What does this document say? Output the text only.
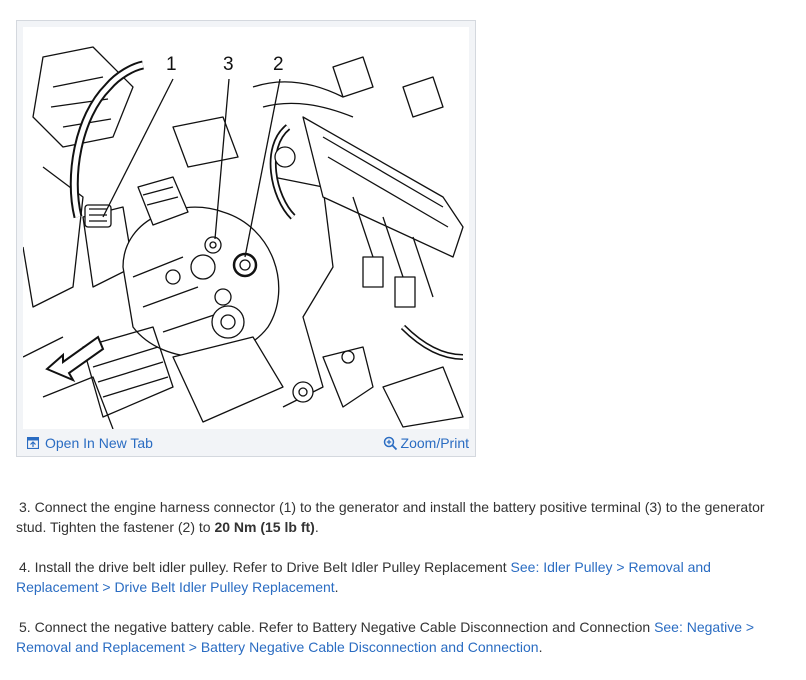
1 3 2
Open In New Tab	Zoom/Print

3. Connect the engine harness connector (1) to the generator and install the battery positive terminal (3) to the generator stud. Tighten the fastener (2) to 20 Nm (15 lb ft).

4. Install the drive belt idler pulley. Refer to Drive Belt Idler Pulley Replacement See: Idler Pulley > Removal and Replacement > Drive Belt Idler Pulley Replacement.

5. Connect the negative battery cable. Refer to Battery Negative Cable Disconnection and Connection See: Negative > Removal and Replacement > Battery Negative Cable Disconnection and Connection.
